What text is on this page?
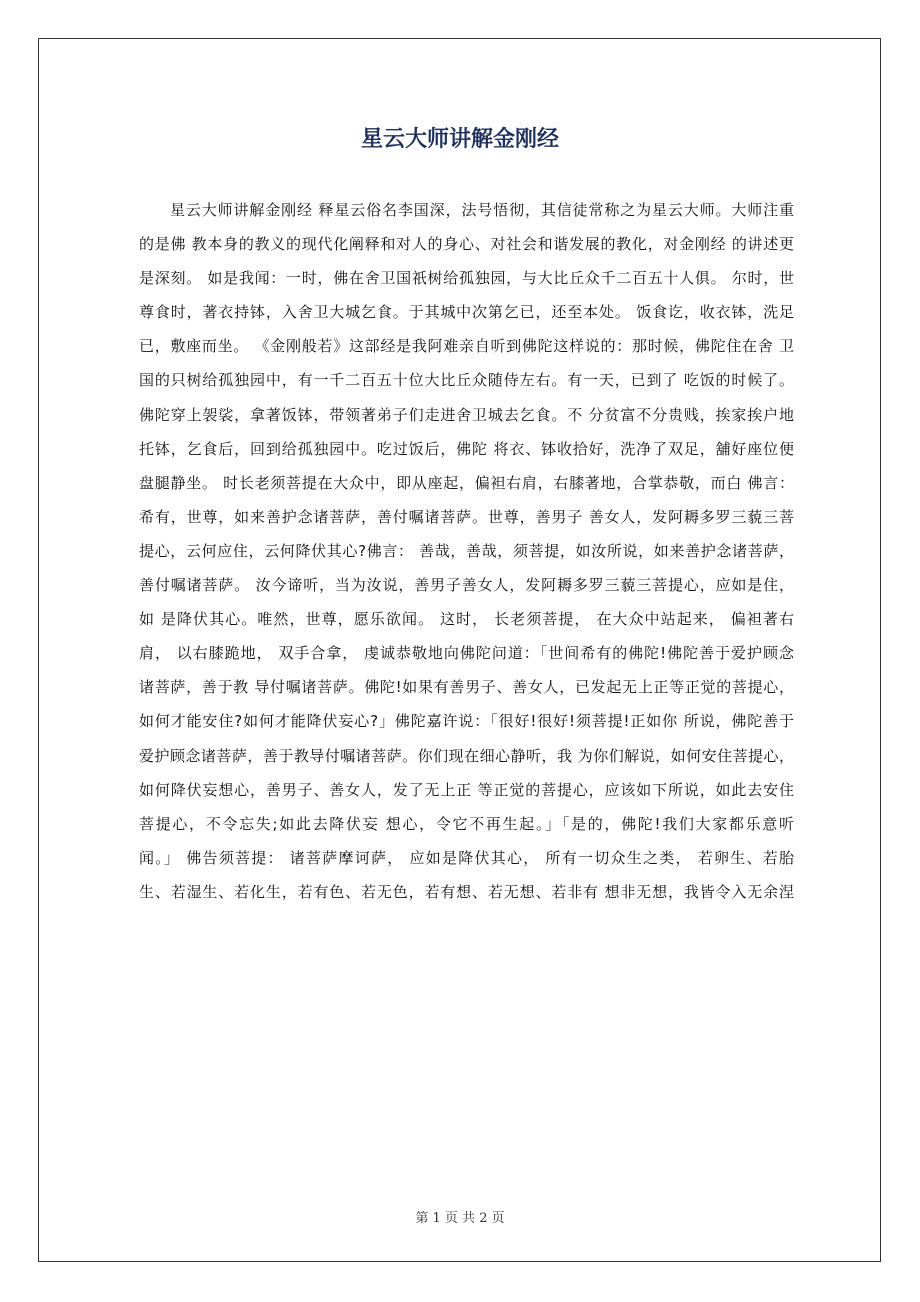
星云大师讲解金刚经
星云大师讲解金刚经 释星云俗名李国深，法号悟彻，其信徒常称之为星云大师。大师注重
的是佛 教本身的教义的现代化阐释和对人的身心、对社会和谐发展的教化，对金刚经 的讲述更
是深刻。 如是我闻：一时，佛在舍卫国祇树给孤独园，与大比丘众千二百五十人俱。 尔时，世
尊食时，著衣持钵，入舍卫大城乞食。于其城中次第乞已，还至本处。 饭食讫，收衣钵，洗足
已，敷座而坐。 《金刚般若》这部经是我阿难亲自听到佛陀这样说的：那时候，佛陀住在舍 卫
国的只树给孤独园中，有一千二百五十位大比丘众随侍左右。有一天，已到了 吃饭的时候了。
佛陀穿上袈裟，拿著饭钵，带领著弟子们走进舍卫城去乞食。不 分贫富不分贵贱，挨家挨户地
托钵，乞食后，回到给孤独园中。吃过饭后，佛陀 将衣、钵收拾好，洗净了双足，舖好座位便
盘腿静坐。 时长老须菩提在大众中，即从座起，偏袒右肩，右膝著地，合掌恭敬，而白 佛言：
希有，世尊，如来善护念诸菩萨，善付嘱诸菩萨。世尊，善男子 善女人，发阿耨多罗三藐三菩
提心，云何应住，云何降伏其心?佛言： 善哉，善哉，须菩提，如汝所说，如来善护念诸菩萨，
善付嘱诸菩萨。 汝今谛听，当为汝说，善男子善女人，发阿耨多罗三藐三菩提心，应如是住，
如 是降伏其心。唯然，世尊，愿乐欲闻。 这时， 长老须菩提， 在大众中站起来， 偏袒著右
肩， 以右膝跪地， 双手合拿， 虔诚恭敬地向佛陀问道：「世间希有的佛陀!佛陀善于爱护顾念
诸菩萨，善于教 导付嘱诸菩萨。佛陀!如果有善男子、善女人，已发起无上正等正觉的菩提心，
如何才能安住?如何才能降伏妄心?」佛陀嘉许说：「很好!很好!须菩提!正如你 所说，佛陀善于
爱护顾念诸菩萨，善于教导付嘱诸菩萨。你们现在细心静听，我 为你们解说，如何安住菩提心，
如何降伏妄想心，善男子、善女人，发了无上正 等正觉的菩提心，应该如下所说，如此去安住
菩提心，不令忘失;如此去降伏妄 想心，令它不再生起。」「是的，佛陀!我们大家都乐意听
闻。」 佛告须菩提： 诸菩萨摩诃萨， 应如是降伏其心， 所有一切众生之类， 若卵生、若胎
生、若湿生、若化生，若有色、若无色，若有想、若无想、若非有 想非无想，我皆令入无余涅
第 1 页 共 2 页
